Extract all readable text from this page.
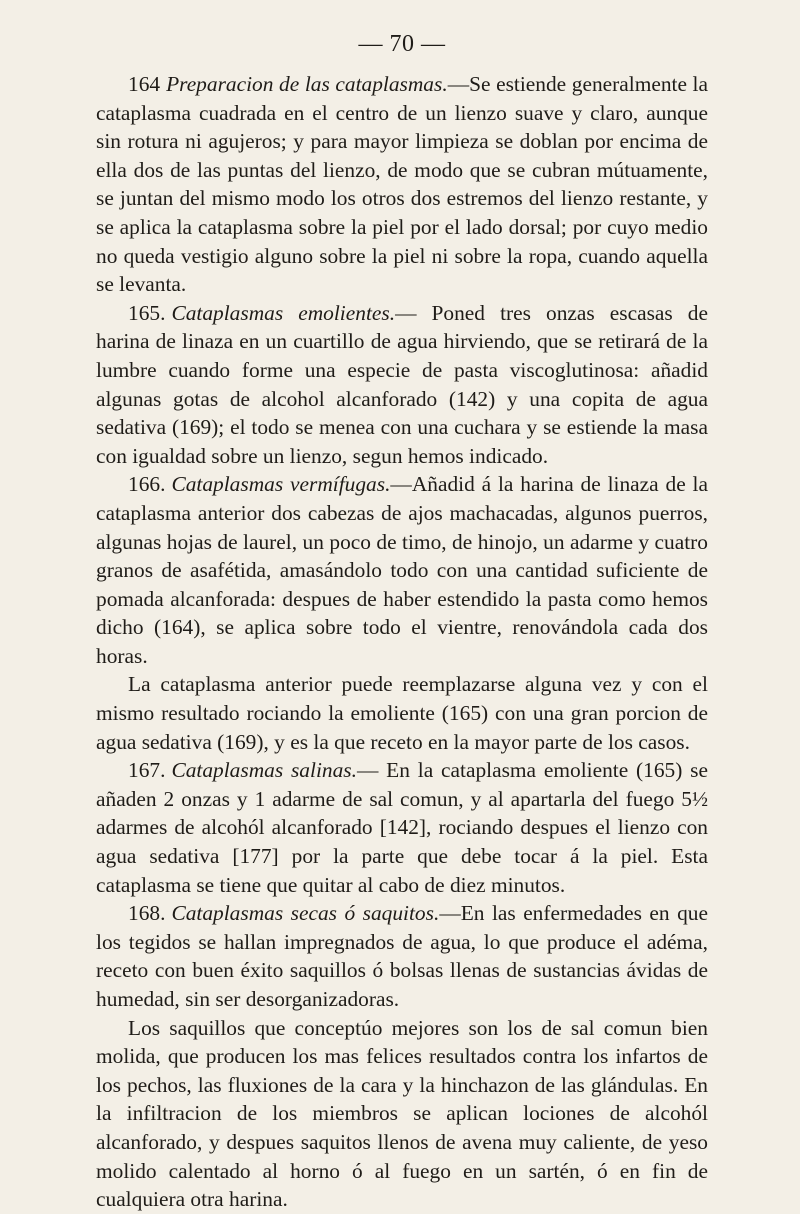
— 70 —

164 Preparacion de las cataplasmas.—Se estiende generalmente la cataplasma cuadrada en el centro de un lienzo suave y claro, aunque sin rotura ni agujeros; y para mayor limpieza se doblan por encima de ella dos de las puntas del lienzo, de modo que se cubran mútuamente, se juntan del mismo modo los otros dos estremos del lienzo restante, y se aplica la cataplasma sobre la piel por el lado dorsal; por cuyo medio no queda vestigio alguno sobre la piel ni sobre la ropa, cuando aquella se levanta.

165. Cataplasmas emolientes.— Poned tres onzas escasas de harina de linaza en un cuartillo de agua hirviendo, que se retirará de la lumbre cuando forme una especie de pasta viscoglutinosa: añadid algunas gotas de alcohol alcanforado (142) y una copita de agua sedativa (169); el todo se menea con una cuchara y se estiende la masa con igualdad sobre un lienzo, segun hemos indicado.

166. Cataplasmas vermífugas.—Añadid á la harina de linaza de la cataplasma anterior dos cabezas de ajos machacadas, algunos puerros, algunas hojas de laurel, un poco de timo, de hinojo, un adarme y cuatro granos de asafétida, amasándolo todo con una cantidad suficiente de pomada alcanforada: despues de haber estendido la pasta como hemos dicho (164), se aplica sobre todo el vientre, renovándola cada dos horas.

La cataplasma anterior puede reemplazarse alguna vez y con el mismo resultado rociando la emoliente (165) con una gran porcion de agua sedativa (169), y es la que receto en la mayor parte de los casos.

167. Cataplasmas salinas.— En la cataplasma emoliente (165) se añaden 2 onzas y 1 adarme de sal comun, y al apartarla del fuego 5½ adarmes de alcohól alcanforado [142], rociando despues el lienzo con agua sedativa [177] por la parte que debe tocar á la piel. Esta cataplasma se tiene que quitar al cabo de diez minutos.

168. Cataplasmas secas ó saquitos.—En las enfermedades en que los tegidos se hallan impregnados de agua, lo que produce el adéma, receto con buen éxito saquillos ó bolsas llenas de sustancias ávidas de humedad, sin ser desorganizadoras.

Los saquillos que conceptúo mejores son los de sal comun bien molida, que producen los mas felices resultados contra los infartos de los pechos, las fluxiones de la cara y la hinchazon de las glándulas. En la infiltracion de los miembros se aplican lociones de alcohól alcanforado, y despues saquitos llenos de avena muy caliente, de yeso molido calentado al horno ó al fuego en un sartén, ó en fin de cualquiera otra harina.
